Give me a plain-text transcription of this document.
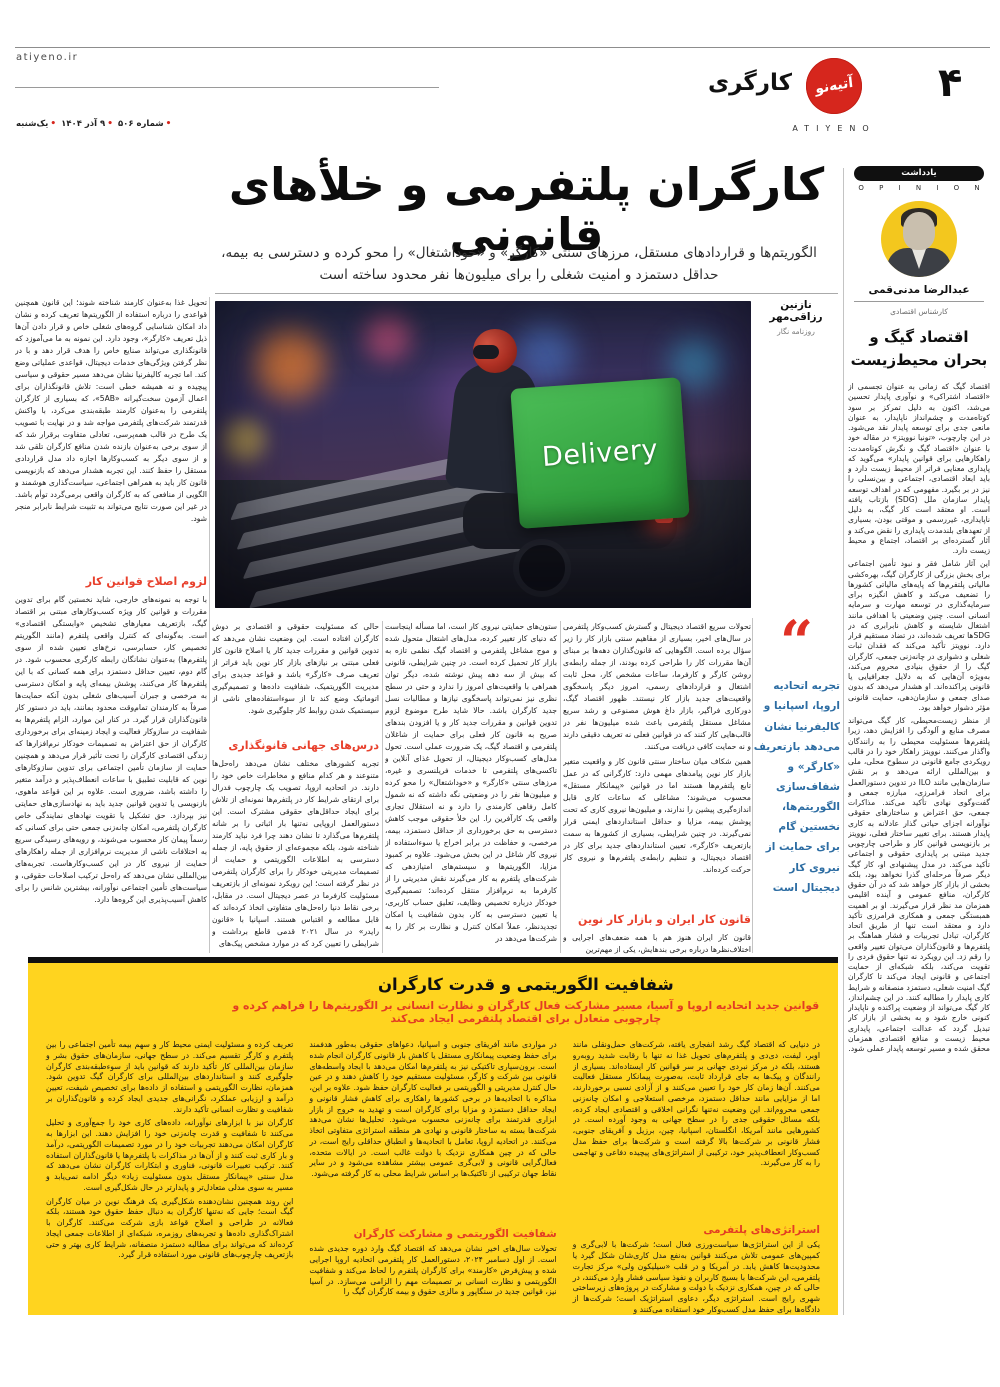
atiyeno.ir
• یک‌شنبه	• ۹ آذر ۱۴۰۴	• شماره ۵۰۶
کارگری	آتیه‌نو
ATIYENO
۴
کارگران پلتفرمی و خلأهای قانونی
الگوریتم‌ها و قراردادهای مستقل، مرزهای سنتی «کارگر» و «خوداشتغال» را محو کرده و دسترسی به بیمه، حداقل دستمزد و امنیت شغلی را برای میلیون‌ها نفر محدود ساخته است
نازنین رزاقی‌مهر
روزنامه نگار
Delivery
“
تجربه اتحادیه اروپا، اسپانیا و کالیفرنیا نشان می‌دهد بازتعریف «کارگر» و شفاف‌سازی الگوریتم‌ها، نخستین گام برای حمایت از نیروی کار دیجیتال است

تحولات سریع اقتصاد دیجیتال و گسترش کسب‌وکار پلتفرمی در سال‌های اخیر، بسیاری از مفاهیم سنتی بازار کار را زیر سؤال برده است. الگوهایی که قانون‌گذاران دهه‌ها بر مبنای آن‌ها مقررات کار را طراحی کرده بودند، از جمله رابطه‌ی روشن کارگر و کارفرما، ساعات مشخص کار، محل ثابت اشتغال و قراردادهای رسمی، امروز دیگر پاسخگوی واقعیت‌های جدید بازار کار نیستند. ظهور اقتصاد گیگ، دورکاری فراگیر، بازار داغ هوش مصنوعی و رشد سریع مشاغل مستقل پلتفرمی باعث شده میلیون‌ها نفر در قالب‌هایی کار کنند که در قوانین فعلی نه تعریف دقیقی دارند و نه حمایت کافی دریافت می‌کنند.

همین شکاف میان ساختار سنتی قانون کار و واقعیت متغیر بازار کار نوین پیامدهای مهمی دارد: کارگرانی که در عمل تابع پلتفرم‌ها هستند اما در قوانین «پیمانکار مستقل» محسوب می‌شوند؛ مشاغلی که ساعات کاری قابل اندازه‌گیری پیشین را ندارند، و میلیون‌ها نیروی کاری که تحت پوشش بیمه، مزایا و حداقل استانداردهای ایمنی قرار نمی‌گیرند. در چنین شرایطی، بسیاری از کشورها به سمت بازتعریف «کارگر»، تعیین استانداردهای جدید برای کار در اقتصاد دیجیتال، و تنظیم رابطه‌ی پلتفرم‌ها و نیروی کار حرکت کرده‌اند.

قانون کار ایران و بازار کار نوین

قانون کار ایران هنوز هم با همه ضعف‌های اجرایی و اختلاف‌نظرها درباره برخی بندهایش، یکی از مهم‌ترین

ستون‌های حمایتی نیروی کار است، اما مسأله اینجاست که دنیای کار تغییر کرده، مدل‌های اشتغال متحول شده و موج مشاغل پلتفرمی و اقتصاد گیگ نظمی تازه به بازار کار تحمیل کرده است. در چنین شرایطی، قانونی که بیش از سه دهه پیش نوشته شده، دیگر توان همراهی با واقعیت‌های امروز را ندارد و حتی در سطح نظری نیز نمی‌تواند پاسخگوی نیازها و مطالبات نسل جدید کارگران باشد. حالا شاید طرح موضوع لزوم تدوین قوانین و مقررات جدید کار و یا افزودن بندهای صریح به قانون کار فعلی برای حمایت از شاغلان پلتفرمی و اقتصاد گیگ، یک ضرورت عملی است. تحول مدل‌های کسب‌وکار دیجیتال، از تحویل غذای آنلاین و تاکسی‌های پلتفرمی تا خدمات فریلنسری و غیره، مرزهای سنتی «کارگر» و «خوداشتغال» را محو کرده و میلیون‌ها نفر را در وضعیتی نگه داشته که نه شمول کامل رفاهی کارمندی را دارد و نه استقلال تجاری واقعی یک کارآفرین را. این خلأ حقوقی موجب کاهش دسترسی به حق برخورداری از حداقل دستمزد، بیمه، مرخصی، و حفاظت در برابر اخراج یا سوءاستفاده از نیروی کار شاغل در این بخش می‌شود. علاوه بر کمبود مزایا، الگوریتم‌ها و سیستم‌های امتیازدهی که شرکت‌های پلتفرم به کار می‌گیرند نقش مدیریتی را از کارفرما به نرم‌افزار منتقل کرده‌اند؛ تصمیم‌گیری خودکار درباره تخصیص وظایف، تعلیق حساب کاربری، یا تعیین دسترسی به کار، بدون شفافیت یا امکان تجدیدنظر، عملاً امکان کنترل و نظارت بر کار را به شرکت‌ها می‌دهد در

حالی که مسئولیت حقوقی و اقتصادی بر دوش کارگران افتاده است. این وضعیت نشان می‌دهد که تدوین قوانین و مقررات جدید کار یا اصلاح قانون کار فعلی مبتنی بر نیازهای بازار کار نوین باید فراتر از تعریف صرف «کارگر» باشد و قواعد جدیدی برای مدیریت الگوریتمیک، شفافیت داده‌ها و تصمیم‌گیری اتوماتیک وضع کند تا از سوءاستفاده‌های ناشی از سیستمیک شدن روابط کار جلوگیری شود.

درس‌های جهانی قانونگذاری

تجربه کشورهای مختلف نشان می‌دهد راه‌حل‌ها متنوعند و هر کدام منافع و مخاطرات خاص خود را دارند. در اتحادیه اروپا، تصویب یک چارچوب فدرال برای ارتقای شرایط کار در پلتفرم‌ها نمونه‌ای از تلاش برای ایجاد حداقل‌های حقوقی مشترک است. این دستورالعمل اروپایی نه‌تنها بار اثباتی را بر شانه پلتفرم‌ها می‌گذارد تا نشان دهند چرا فرد نباید کارمند شناخته شود، بلکه مجموعه‌ای از حقوق پایه، از جمله دسترسی به اطلاعات الگوریتمی و حمایت از تصمیمات مدیریتی خودکار را برای کارگران پلتفرمی در نظر گرفته است؛ این رویکرد نمونه‌ای از بازتعریف مسئولیت کارفرما در عصر دیجیتال است. در مقابل، برخی نقاط دنیا راه‌حل‌های متفاوتی اتخاذ کرده‌اند که قابل مطالعه و اقتباس هستند. اسپانیا با «قانون رایدر» در سال ۲۰۲۱ قدمی قاطع برداشت و شرایطی را تعیین کرد که در موارد مشخص پیک‌های

تحویل غذا به‌عنوان کارمند شناخته شوند؛ این قانون همچنین قواعدی را درباره استفاده از الگوریتم‌ها تعریف کرده و نشان داد امکان شناسایی گروه‌های شغلی خاص و قرار دادن آن‌ها ذیل تعریف «کارگر»، وجود دارد. این نمونه به ما می‌آموزد که قانونگذاری می‌تواند صنایع خاص را هدف قرار دهد و با در نظر گرفتن ویژگی‌های خدمات دیجیتال، قواعدی عملیاتی وضع کند. اما تجربه کالیفرنیا نشان می‌دهد مسیر حقوقی و سیاسی پیچیده و نه همیشه خطی است: تلاش قانونگذاران برای اعمال آزمون سخت‌گیرانه «5AB»، که بسیاری از کارگران پلتفرمی را به‌عنوان کارمند طبقه‌بندی می‌کرد، با واکنش قدرتمند شرکت‌های پلتفرمی مواجه شد و در نهایت با تصویب یک طرح در قالب همه‌پرسی، تعادلی متفاوت برقرار شد که از سوی برخی به‌عنوان بازنده شدن منافع کارگران تلقی شد و از سوی دیگر به کسب‌وکارها اجازه داد مدل قراردادی مستقل را حفظ کنند. این تجربه هشدار می‌دهد که بازنویسی قانون کار باید به همراهی اجتماعی، سیاست‌گذاری هوشمند و الگویی از منافعی که به کارگران واقعی برمی‌گردد توأم باشد. در غیر این صورت نتایج می‌تواند به تثبیت شرایط نابرابر منجر شود.

لزوم اصلاح قوانین کار

با توجه به نمونه‌های خارجی، شاید نخستین گام برای تدوین مقررات و قوانین کار ویژه کسب‌وکارهای مبتنی بر اقتصاد گیگ، بازتعریف معیارهای تشخیص «وابستگی اقتصادی» است. به‌گونه‌ای که کنترل واقعی پلتفرم (مانند الگوریتم تخصیص کار، حسابرسی، نرخ‌های تعیین شده از سوی پلتفرم‌ها) به‌عنوان نشانگان رابطه کارگری محسوب شود. در گام دوم، تعیین حداقل دستمزد برای همه کسانی که با این پلتفرم‌ها کار می‌کنند، پوشش بیمه‌ای پایه و امکان دسترسی به مرخصی و جبران آسیب‌های شغلی بدون آنکه حمایت‌ها صرفاً به کارمندان تمام‌وقت محدود بمانند، باید در دستور کار قانون‌گذاران قرار گیرد. در کنار این موارد، الزام پلتفرم‌ها به شفافیت در سازوکار فعالیت و ایجاد زمینه‌ای برای برخورداری کارگران از حق اعتراض به تصمیمات خودکار نرم‌افزارها که زندگی اقتصادی کارگران را تحت تأثیر قرار می‌دهد و همچنین حمایت از سازمان تأمین اجتماعی برای تدوین سازوکارهای نوین که قابلیت تطبیق با ساعات انعطاف‌پذیر و درآمد متغیر را داشته باشد، ضروری است. علاوه بر این قواعد ماهوی، بازنویسی یا تدوین قوانین جدید باید به نهادسازی‌های حمایتی نیز بپردازد. حق تشکیل یا تقویت نهادهای نمایندگی خاص کارگران پلتفرمی، امکان چانه‌زنی جمعی حتی برای کسانی که رسماً پیمان کار محسوب می‌شوند، و رویه‌های رسیدگی سریع به اختلافات ناشی از مدیریت نرم‌افزاری از جمله راهکارهای حمایت از نیروی کار در این کسب‌وکارهاست. تجربه‌های بین‌المللی نشان می‌دهد که راه‌حل ترکیب اصلاحات حقوقی، و سیاست‌های تأمین اجتماعی نوآورانه، بیشترین شانس را برای کاهش آسیب‌پذیری این گروه‌ها دارد.

شفافیت الگوریتمی و قدرت کارگران
قوانین جدید اتحادیه اروپا و آسیا، مسیر مشارکت فعال کارگران و نظارت انسانی بر الگوریتم‌ها را فراهم کرده و چارچوبی متعادل برای اقتصاد پلتفرمی ایجاد می‌کند

در دنیایی که اقتصاد گیگ رشد انفجاری یافته، شرکت‌های حمل‌ونقلی مانند اوبر، لیفت، دی‌دی و پلتفرم‌های تحویل غذا نه تنها با رقابت شدید روبه‌رو هستند، بلکه در مرکز نبردی جهانی بر سر قوانین کار ایستاده‌اند. بسیاری از رانندگان و پیک‌ها به جای قرارداد ثابت، به‌صورت پیمانکار مستقل فعالیت می‌کنند. آن‌ها زمان کار خود را تعیین می‌کنند و از آزادی نسبی برخوردارند، اما از مزایایی مانند حداقل دستمزد، مرخصی استعلاجی و امکان چانه‌زنی جمعی محروم‌اند. این وضعیت نه‌تنها نگرانی اخلاقی و اقتصادی ایجاد کرده، بلکه مسائل حقوقی جدی را در سطح جهانی به وجود آورده است. در کشورهایی مانند آمریکا، انگلستان، اسپانیا، چین، برزیل و آفریقای جنوبی، فشار قانونی بر شرکت‌ها بالا گرفته است و شرکت‌ها برای حفظ مدل کسب‌وکار انعطاف‌پذیر خود، ترکیبی از استراتژی‌های پیچیده دفاعی و تهاجمی را به کار می‌گیرند.

استراتژی‌های پلتفرمی

یکی از این استراتژی‌ها سیاست‌ورزی فعال است؛ شرکت‌ها با لابی‌گری و کمپین‌های عمومی تلاش می‌کنند قوانین به‌نفع مدل کاری‌شان شکل گیرد یا محدودیت‌ها کاهش یابد. در آمریکا و در قلب «سیلیکون ولی» مرکز تجارت پلتفرمی، این شرکت‌ها با بسیج کاربران و نفوذ سیاسی فشار وارد می‌کنند، در حالی که در چین، همکاری نزدیک با دولت و مشارکت در پروژه‌های زیرساختی شهری رایج است. استراتژی دیگر، دعاوی استراتژیک است؛ شرکت‌ها از دادگاه‌ها برای حفظ مدل کسب‌وکار خود استفاده می‌کنند و

در مواردی مانند آفریقای جنوبی و اسپانیا، دعواهای حقوقی به‌طور هدفمند برای حفظ وضعیت پیمانکاری مستقل یا کاهش بار قانونی کارگران انجام شده است. برون‌سپاری تاکتیکی نیز به پلتفرم‌ها امکان می‌دهد با ایجاد واسطه‌های قانونی بین شرکت و کارگر، مسئولیت مستقیم خود را کاهش دهند و در عین حال کنترل مدیریتی و الگوریتمی بر فعالیت کارگران حفظ شود. علاوه بر این، مذاکره با اتحادیه‌ها در برخی کشورها راهکاری برای کاهش فشار قانونی و ایجاد حداقل دستمزد و مزایا برای کارگران است و تهدید به خروج از بازار ابزاری قدرتمند برای چانه‌زنی محسوب می‌شود. تحلیل‌ها نشان می‌دهد شرکت‌ها بسته به ساختار قانونی و نهادی هر منطقه استراتژی متفاوتی اتخاذ می‌کنند. در اتحادیه اروپا، تعامل با اتحادیه‌ها و انطباق حداقلی رایج است، در حالی که در چین همکاری نزدیک با دولت غالب است. در ایالات متحده، فعال‌گرایی قانونی و لابی‌گری عمومی بیشتر مشاهده می‌شود و در سایر نقاط جهان ترکیبی از تاکتیک‌ها بر اساس شرایط محلی به کار گرفته می‌شود.

شفافیت الگوریتمی و مشارکت کارگران

تحولات سال‌های اخیر نشان می‌دهد که اقتصاد گیگ وارد دوره جدیدی شده است. از اول دسامبر ۲۰۲۴، دستورالعمل کار پلتفرمی اتحادیه اروپا اجرایی شده و پیش‌فرض «کارمند» برای کارگران پلتفرم را لحاظ می‌کند و شفافیت الگوریتمی و نظارت انسانی بر تصمیمات مهم را الزامی می‌سازد. در آسیا نیز، قوانین جدید در سنگاپور و مالزی حقوق و بیمه کارگران گیگ را

تعریف کرده و مسئولیت ایمنی محیط کار و سهم بیمه تأمین اجتماعی را بین پلتفرم و کارگر تقسیم می‌کند. در سطح جهانی، سازمان‌های حقوق بشر و سازمان بین‌المللی کار تأکید دارند که قوانین باید از سوءطبقه‌بندی کارگران جلوگیری کنند و استانداردهای بین‌المللی برای کارگران گیگ تدوین شود. همزمان، نظارت الگوریتمی و استفاده از داده‌ها برای تخصیص شیفت، تعیین درآمد و ارزیابی عملکرد، نگرانی‌های جدیدی ایجاد کرده و قانون‌گذاران بر شفافیت و نظارت انسانی تأکید دارند.

کارگران نیز با ابزارهای نوآورانه، داده‌های کاری خود را جمع‌آوری و تحلیل می‌کنند تا شفافیت و قدرت چانه‌زنی خود را افزایش دهند. این ابزارها به کارگران امکان می‌دهند تجربیات خود را در مورد تصمیمات الگوریتمی، درآمد و بار کاری ثبت کنند و از آن‌ها در مذاکرات با پلتفرم‌ها یا قانون‌گذاران استفاده کنند. ترکیب تغییرات قانونی، فناوری و ابتکارات کارگران نشان می‌دهد که مدل سنتی «پیمانکار مستقل بدون مسئولیت زیاد» دیگر ادامه نمی‌یابد و مسیر به سوی مدلی متعادل‌تر و پایدارتر در حال شکل‌گیری است.

این روند همچنین نشان‌دهنده شکل‌گیری یک فرهنگ نوین در میان کارگران گیگ است؛ جایی که نه‌تنها کارگران به دنبال حفظ حقوق خود هستند، بلکه فعالانه در طراحی و اصلاح قواعد بازی شرکت می‌کنند. کارگران با اشتراک‌گذاری داده‌ها و تجربه‌های روزمره، شبکه‌ای از اطلاعات جمعی ایجاد کرده‌اند که می‌تواند برای مطالبه دستمزد منصفانه، شرایط کاری بهتر و حتی بازتعریف چارچوب‌های قانونی مورد استفاده قرار گیرد.

یادداشت
O P I N I O N
عبدالرضا مدنی‌قمی
کارشناس اقتصادی
اقتصاد گیگ و بحران محیط‌زیست

اقتصاد گیگ که زمانی به عنوان تجسمی از «اقتصاد اشتراکی» و نوآوری پایدار تحسین می‌شد، اکنون به دلیل تمرکز بر سود کوتاه‌مدت و چشم‌انداز ناپایدار، به عنوان مانعی جدی برای توسعه پایدار نقد می‌شود. در این چارچوب، «تونیا نوویتز» در مقاله خود با عنوان «اقتصاد گیگ و نگرش کوتاه‌مدت: راهکارهایی برای قوانین پایدار» می‌گوید که پایداری معنایی فراتر از محیط زیست دارد و باید ابعاد اقتصادی، اجتماعی و بین‌نسلی را نیز در بر بگیرد. مفهومی که در اهداف توسعه پایدار سازمان ملل (SDG) بازتاب یافته است. او معتقد است کار گیگ، به دلیل ناپایداری، غیررسمی و موقتی بودن، بسیاری از تعهدهای بلندمدت پایداری را نقض می‌کند و آثار گسترده‌ای بر اقتصاد، اجتماع و محیط زیست دارد.

این آثار شامل فقر و نبود تأمین اجتماعی برای بخش بزرگی از کارگران گیگ، بهره‌کشی مالیاتی پلتفرم‌ها که پایه‌های مالیاتی کشورها را تضعیف می‌کند و کاهش انگیزه برای سرمایه‌گذاری در توسعه مهارت و سرمایه انسانی است. چنین وضعیتی با اهدافی مانند اشتغال شایسته و کاهش نابرابری که در SDGها تعریف شده‌اند، در تضاد مستقیم قرار دارد. نوویتز تأکید می‌کند که فقدان ثبات شغلی و دشواری در چانه‌زنی جمعی، کارگران گیگ را از حقوق بنیادی محروم می‌کند، به‌ویژه آن‌هایی که به دلایل جغرافیایی یا قانونی پراکنده‌اند. او هشدار می‌دهد که بدون صدای جمعی و سازمان‌دهی، حمایت قانونی مؤثر دشوار خواهد بود.

از منظر زیست‌محیطی، کار گیگ می‌تواند مصرف منابع و آلودگی را افزایش دهد، زیرا پلتفرم‌ها مسئولیت محیطی را به رانندگان واگذار می‌کنند. نوویتز راهکار خود را در قالب رویکردی جامع قانونی در سطوح محلی، ملی و بین‌المللی ارائه می‌دهد و بر نقش سازمان‌هایی مانند ILO در تدوین دستورالعمل برای اتحاد فرامرزی، مبارزه جمعی و گفت‌وگوی نهادی تأکید می‌کند. مذاکرات جمعی، حق اعتراض و ساختارهای حقوقی نوآورانه اجزای حیاتی گذار عادلانه به کاری پایدار هستند. برای تغییر ساختار فعلی، نوویتز بر بازنویسی قوانین کار و طراحی چارچوبی جدید مبتنی بر پایداری حقوقی و اجتماعی تأکید می‌کند. در مدل پیشنهادی او، کار گیگ دیگر صرفاً مرحله‌ای گذرا نخواهد بود، بلکه بخشی از بازار کار خواهد شد که در آن حقوق کارگران، منافع عمومی و آینده اقلیمی همزمان مد نظر قرار می‌گیرند. او بر اهمیت همبستگی جمعی و همکاری فرامرزی تأکید دارد و معتقد است تنها از طریق اتحاد کارگران، تبادل تجربیات و فشار هماهنگ بر پلتفرم‌ها و قانون‌گذاران می‌توان تغییر واقعی را رقم زد. این رویکرد نه تنها حقوق فردی را تقویت می‌کند، بلکه شبکه‌ای از حمایت اجتماعی و قانونی ایجاد می‌کند تا کارگران گیگ امنیت شغلی، دستمزد منصفانه و شرایط کاری پایدار را مطالبه کنند. در این چشم‌انداز، کار گیگ می‌تواند از وضعیت پراکنده و ناپایدار کنونی خارج شود و به بخشی از بازار کار تبدیل گردد که عدالت اجتماعی، پایداری محیط زیست و منافع اقتصادی همزمان محقق شده و مسیر توسعه پایدار عملی شود.
